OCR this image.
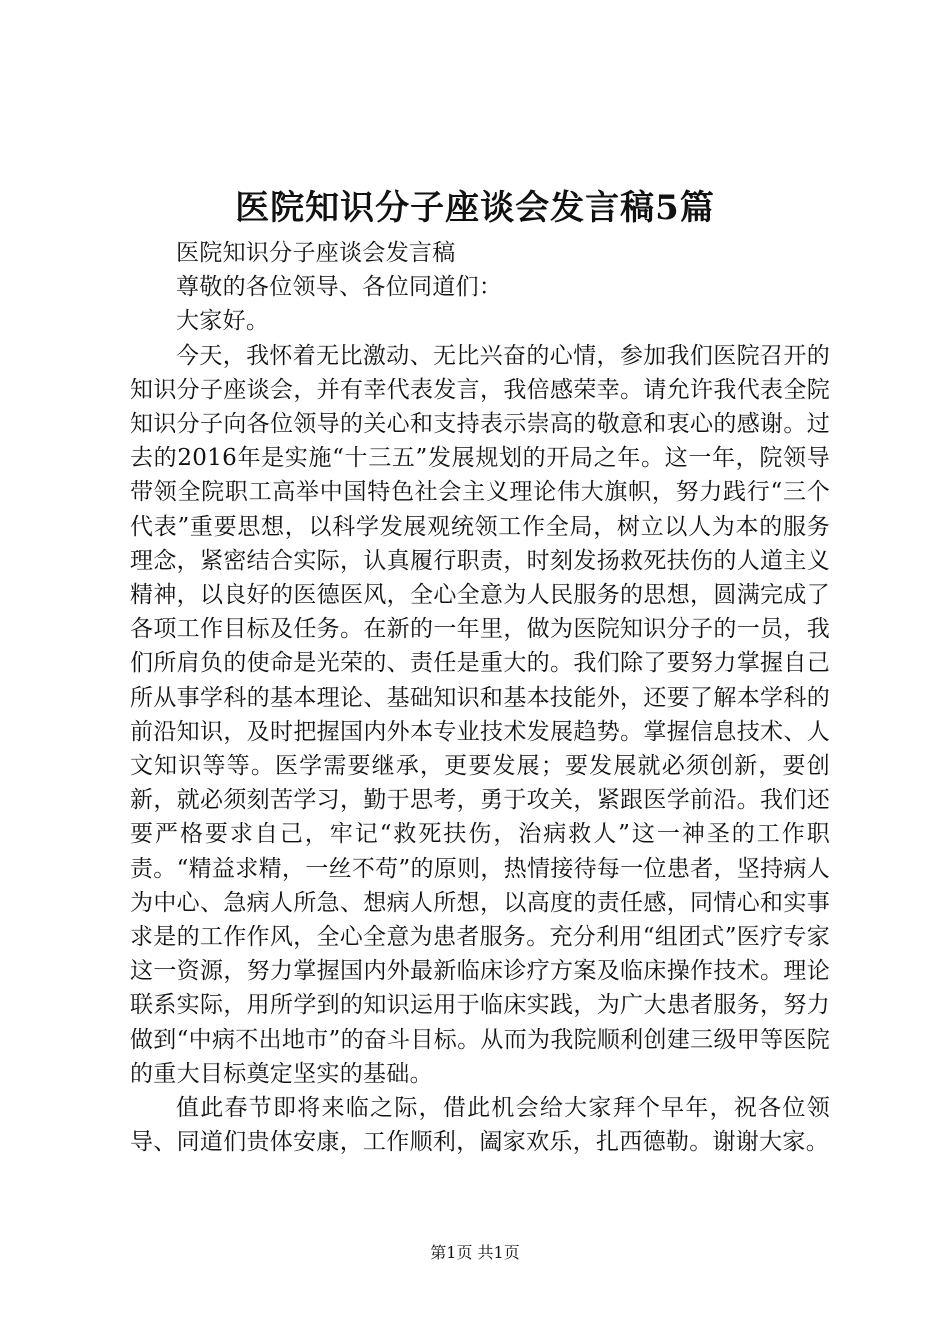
医院知识分子座谈会发言稿5篇

医院知识分子座谈会发言稿

尊敬的各位领导、各位同道们：

大家好。

今天，我怀着无比激动、无比兴奋的心情，参加我们医院召开的知识分子座谈会，并有幸代表发言，我倍感荣幸。请允许我代表全院知识分子向各位领导的关心和支持表示崇高的敬意和衷心的感谢。过去的2016年是实施“十三五”发展规划的开局之年。这一年，院领导带领全院职工高举中国特色社会主义理论伟大旗帜，努力践行“三个代表”重要思想，以科学发展观统领工作全局，树立以人为本的服务理念，紧密结合实际，认真履行职责，时刻发扬救死扶伤的人道主义精神，以良好的医德医风，全心全意为人民服务的思想，圆满完成了各项工作目标及任务。在新的一年里，做为医院知识分子的一员，我们所肩负的使命是光荣的、责任是重大的。我们除了要努力掌握自己所从事学科的基本理论、基础知识和基本技能外，还要了解本学科的前沿知识，及时把握国内外本专业技术发展趋势。掌握信息技术、人文知识等等。医学需要继承，更要发展；要发展就必须创新，要创新，就必须刻苦学习，勤于思考，勇于攻关，紧跟医学前沿。我们还要严格要求自己，牢记“救死扶伤，治病救人”这一神圣的工作职责。“精益求精，一丝不苟”的原则，热情接待每一位患者，坚持病人为中心、急病人所急、想病人所想，以高度的责任感，同情心和实事求是的工作作风，全心全意为患者服务。充分利用“组团式”医疗专家这一资源，努力掌握国内外最新临床诊疗方案及临床操作技术。理论联系实际，用所学到的知识运用于临床实践，为广大患者服务，努力做到“中病不出地市”的奋斗目标。从而为我院顺利创建三级甲等医院的重大目标奠定坚实的基础。

值此春节即将来临之际，借此机会给大家拜个早年，祝各位领导、同道们贵体安康，工作顺利，阖家欢乐，扎西德勒。谢谢大家。

第1页 共1页
